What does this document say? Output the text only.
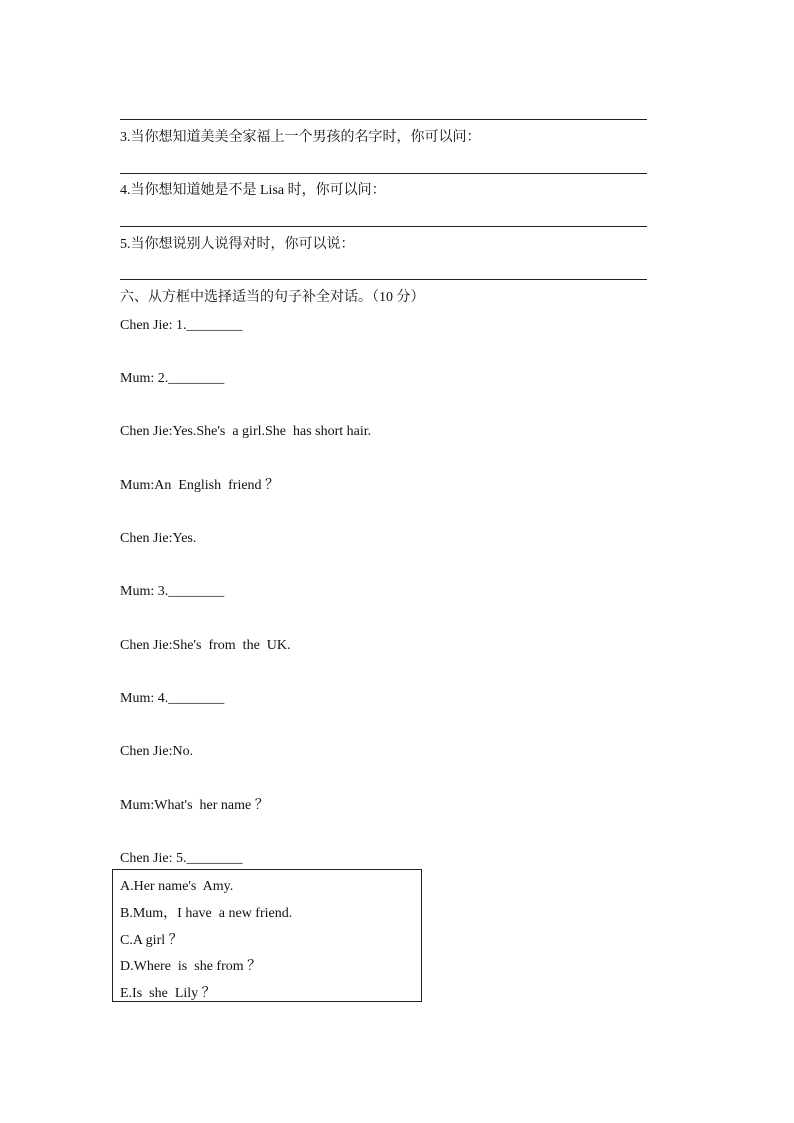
3.当你想知道美美全家福上一个男孩的名字时，你可以问：
4.当你想知道她是不是 Lisa 时，你可以问：
5.当你想说别人说得对时，你可以说：
六、从方框中选择适当的句子补全对话。（10 分）
Chen Jie: 1.________
Mum: 2.________
Chen Jie:Yes.She's  a girl.She  has short hair.
Mum:An  English  friend ？
Chen Jie:Yes.
Mum: 3.________
Chen Jie:She's  from  the  UK.
Mum: 4.________
Chen Jie:No.
Mum:What's  her name ？
Chen Jie: 5.________
A.Her name's  Amy.
B.Mum，I have  a new friend.
C.A girl ？
D.Where  is  she from ？
E.Is  she  Lily ？
